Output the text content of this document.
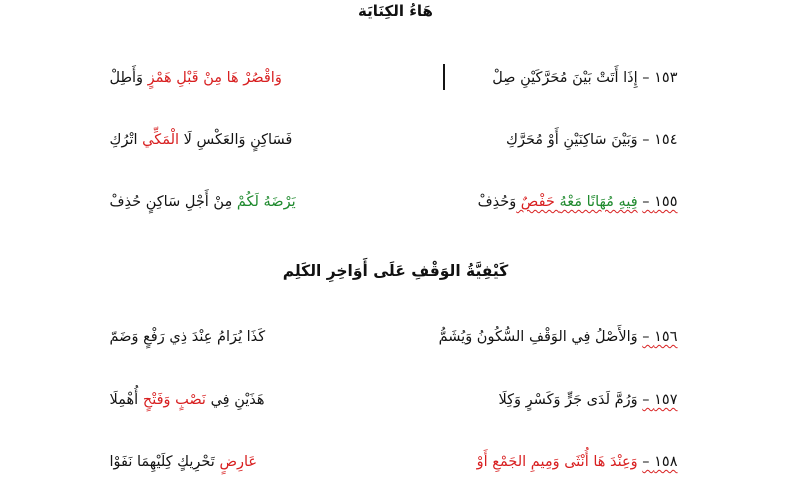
هَاءُ الكِنَايَة
١٥٣ – إِذَا أَتَتْ بَيْنَ مُحَرَّكَيْنِ صِلْ
وَاقْصُرْ هَا مِنْ قَبْلِ هَمْزٍ وَأَطِلْ
١٥٤ – وَبَيْنَ سَاكِنَيْنِ أَوْ مُحَرَّكِ
فَسَاكِنٍ وَالعَكْسِ لَا الْمَكِّي اتْرُكِ
١٥٥ – فِيهِ مُهَانًا مَعْهُ حَفْصٌ وَحُذِفْ
يَرْضَهُ لَكُمْ مِنْ أَجْلِ سَاكِنٍ حُذِفْ
كَيْفِيَّةُ الوَقْفِ عَلَى أَوَاخِرِ الكَلِم
١٥٦ – وَالأَصْلُ فِي الوَقْفِ السُّكُونُ وَيُشَمُّ
كَذَا يُرَامُ عِنْدَ ذِي رَفْعٍ وَضَمّ
١٥٧ – وَرُمَّ لَدَى جَرٍّ وَكَسْرٍ وَكِلَا
هَذَيْنِ فِي نَصْبٍ وَفَتْحٍ أُهْمِلَا
١٥٨ – وَعِنْدَ هَا أُنْثَى وَمِيمِ الجَمْعِ أَوْ
عَارِضٍ تَحْرِيكٍ كِلَيْهِمَا نَفَوْا
